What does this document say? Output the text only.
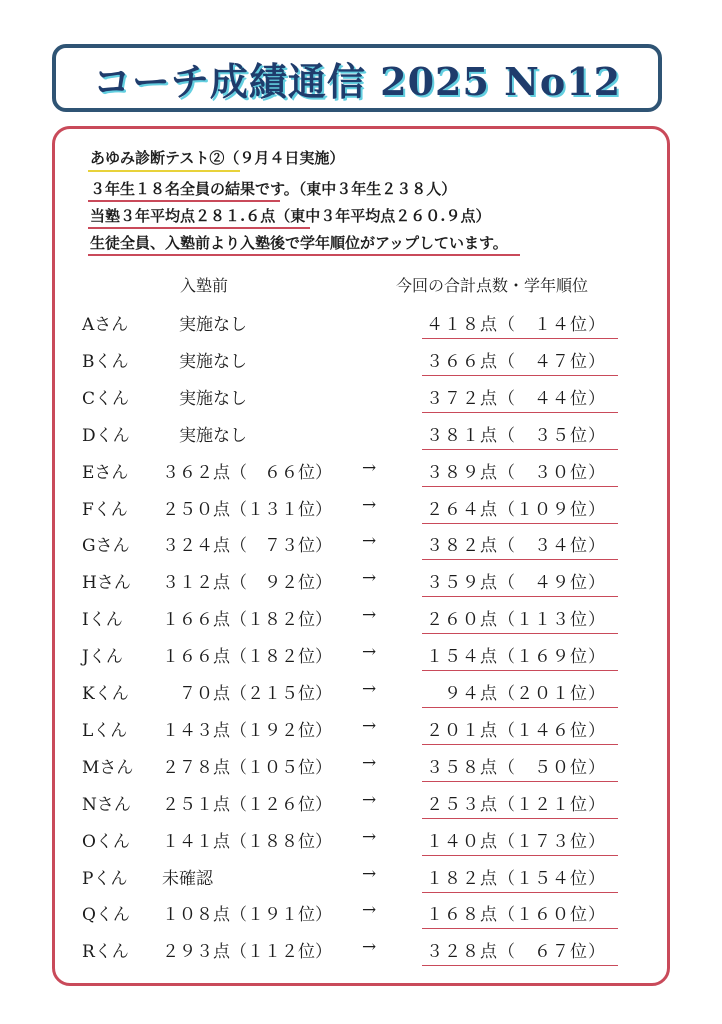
コーチ成績通信 2025 No12
あゆみ診断テスト②（９月４日実施）
３年生１８名全員の結果です。（東中３年生２３８人）
当塾３年平均点２８１.６点（東中３年平均点２６０.９点）
生徒全員、入塾前より入塾後で学年順位がアップしています。
入塾前	今回の合計点数・学年順位
Aさん 　実施なし	４１８点（　１４位）
Bくん 　実施なし	３６６点（　４７位）
Cくん 　実施なし	３７２点（　４４位）
Dくん 　実施なし	３８１点（　３５位）
Eさん ３６２点（　６６位） →	３８９点（　３０位）
Fくん ２５０点（１３１位） →	２６４点（１０９位）
Gさん ３２４点（　７３位） →	３８２点（　３４位）
Hさん ３１２点（　９２位） →	３５９点（　４９位）
Iくん １６６点（１８２位） →	２６０点（１１３位）
Jくん １６６点（１８２位） →	１５４点（１６９位）
Kくん 　７０点（２１５位） →	　９４点（２０１位）
Lくん １４３点（１９２位） →	２０１点（１４６位）
Mさん ２７８点（１０５位） →	３５８点（　５０位）
Nさん ２５１点（１２６位） →	２５３点（１２１位）
Oくん １４１点（１８８位） →	１４０点（１７３位）
Pくん 未確認	→	１８２点（１５４位）
Qくん １０８点（１９１位） →	１６８点（１６０位）
Rくん ２９３点（１１２位） →	３２８点（　６７位）
